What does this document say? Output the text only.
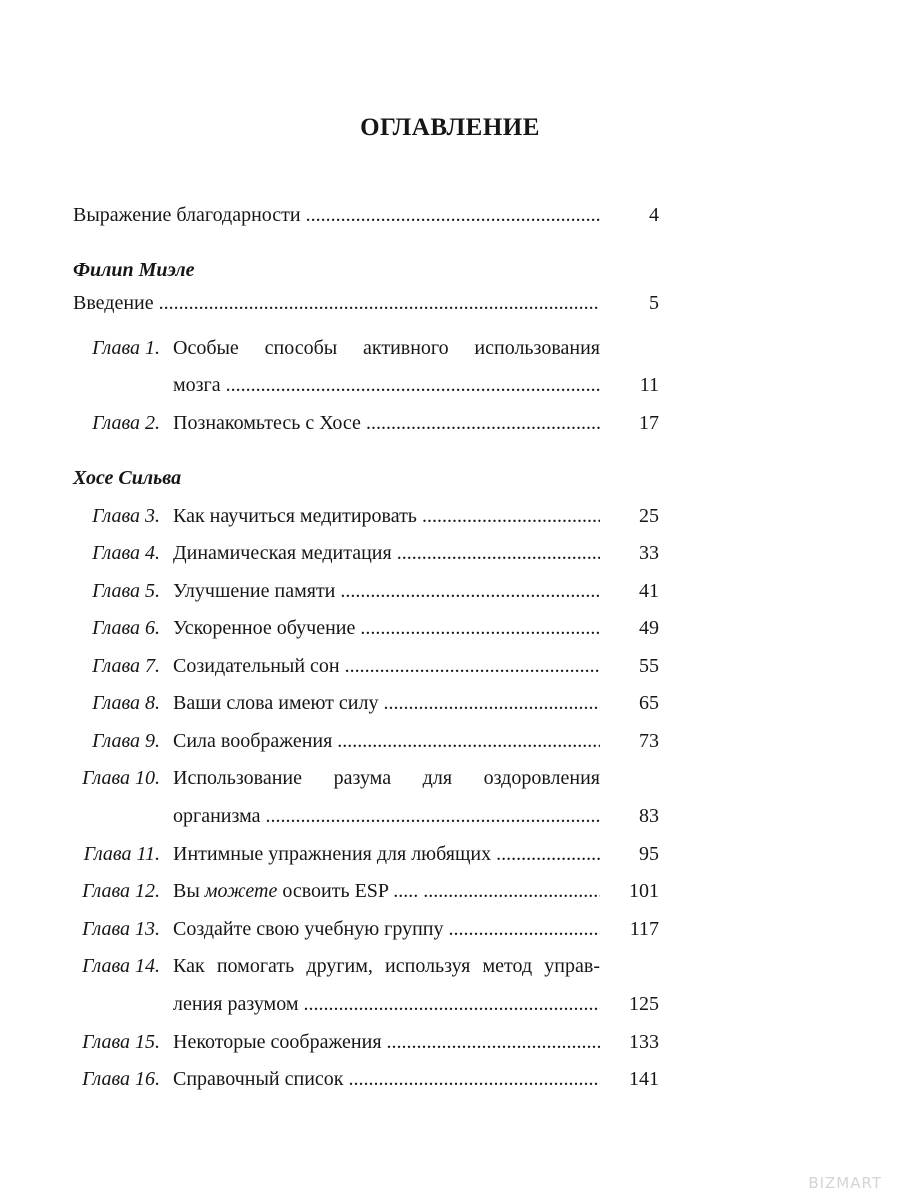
ОГЛАВЛЕНИЕ
Выражение благодарности .....	4
Филип Миэле
Введение .....	5
Глава 1. Особые способы активного использования
мозга .....	11
Глава 2. Познакомьтесь с Хосе .....	17
Хосе Сильва
Глава 3. Как научиться медитировать .....	25
Глава 4. Динамическая медитация .....	33
Глава 5. Улучшение памяти .....	41
Глава 6. Ускоренное обучение .....	49
Глава 7. Созидательный сон .....	55
Глава 8. Ваши слова имеют силу .....	65
Глава 9. Сила воображения .....	73
Глава 10. Использование разума для оздоровления
организма .....	83
Глава 11. Интимные упражнения для любящих .....	95
Глава 12. Вы можете освоить ESP ..... .....	101
Глава 13. Создайте свою учебную группу .....	117
Глава 14. Как помогать другим, используя метод управ-
ления разумом .....	125
Глава 15. Некоторые соображения .....	133
Глава 16. Справочный список .....	141
BIZMART
